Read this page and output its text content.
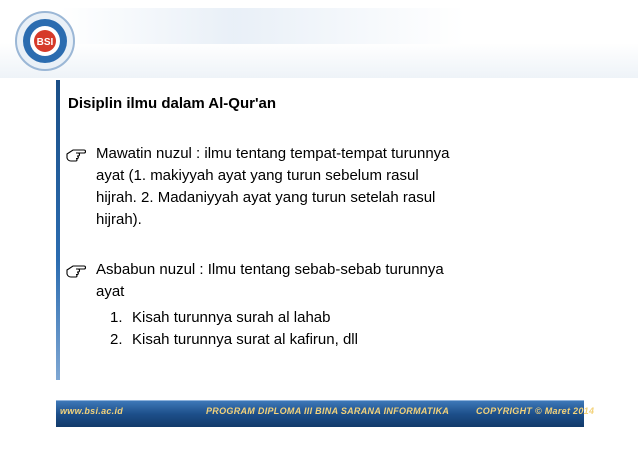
BSI
Disiplin ilmu dalam Al-Qur'an

Mawatin nuzul : ilmu tentang tempat-tempat turunnya
ayat (1. makiyyah ayat yang turun sebelum rasul
hijrah. 2. Madaniyyah ayat yang turun setelah rasul
hijrah).

Asbabun nuzul : Ilmu tentang sebab-sebab turunnya
ayat

1. Kisah turunnya surah al lahab
2. Kisah turunnya surat al kafirun, dll
www.bsi.ac.id	PROGRAM DIPLOMA III BINA SARANA INFORMATIKA	COPYRIGHT © Maret 2014
